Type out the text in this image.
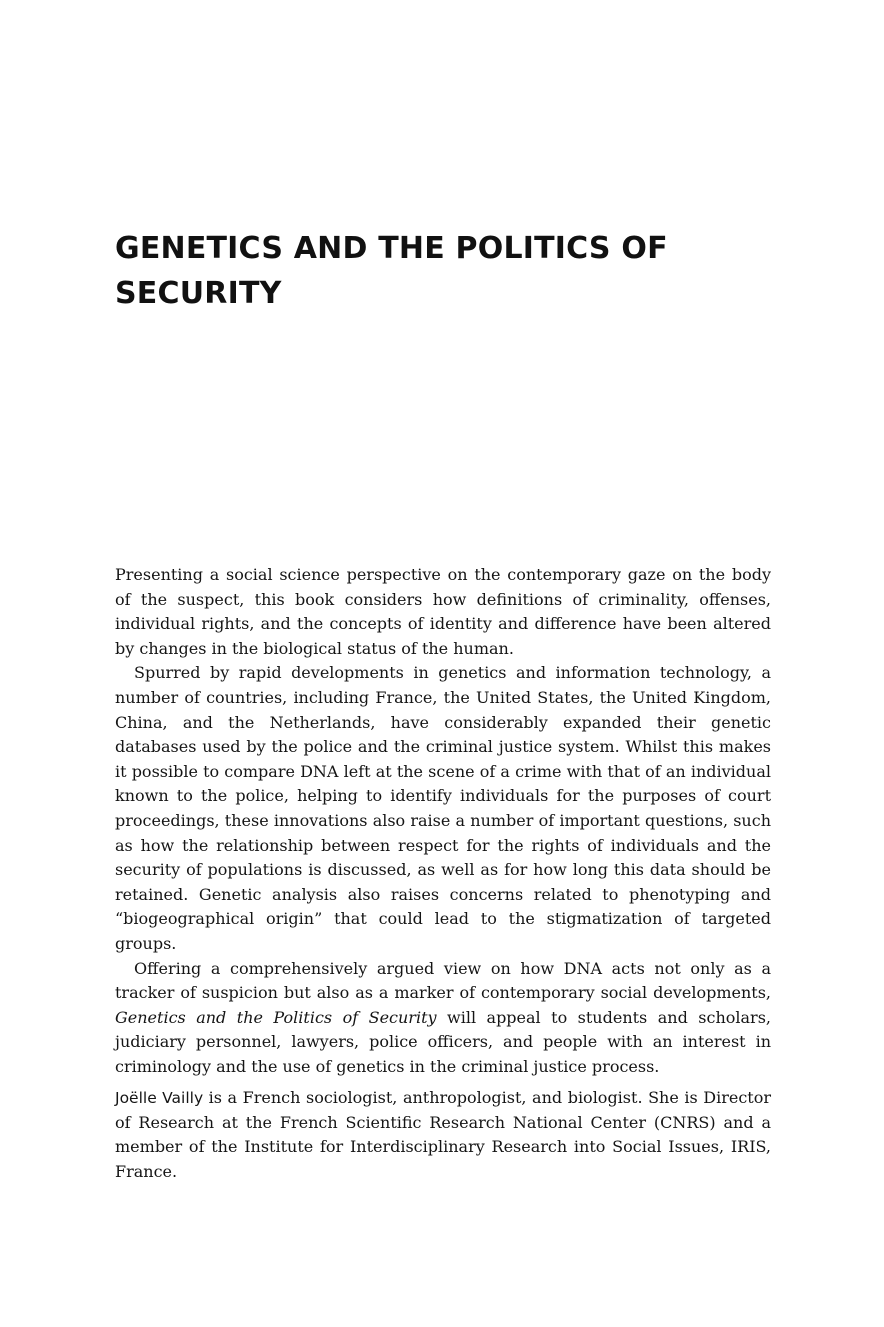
GENETICS AND THE POLITICS OF
SECURITY

Presenting a social science perspective on the contemporary gaze on the body of the suspect, this book considers how definitions of criminality, offenses, individual rights, and the concepts of identity and difference have been altered by changes in the biological status of the human.

Spurred by rapid developments in genetics and information technology, a number of countries, including France, the United States, the United Kingdom, China, and the Netherlands, have considerably expanded their genetic databases used by the police and the criminal justice system. Whilst this makes it possible to compare DNA left at the scene of a crime with that of an individual known to the police, helping to identify individuals for the purposes of court proceedings, these innovations also raise a number of important questions, such as how the relationship between respect for the rights of individuals and the security of populations is discussed, as well as for how long this data should be retained. Genetic analysis also raises concerns related to phenotyping and “biogeographical origin” that could lead to the stigmatization of targeted groups.

Offering a comprehensively argued view on how DNA acts not only as a tracker of suspicion but also as a marker of contemporary social developments, Genetics and the Politics of Security will appeal to students and scholars, judiciary personnel, lawyers, police officers, and people with an interest in criminology and the use of genetics in the criminal justice process.

Joëlle Vailly is a French sociologist, anthropologist, and biologist. She is Director of Research at the French Scientific Research National Center (CNRS) and a member of the Institute for Interdisciplinary Research into Social Issues, IRIS, France.
